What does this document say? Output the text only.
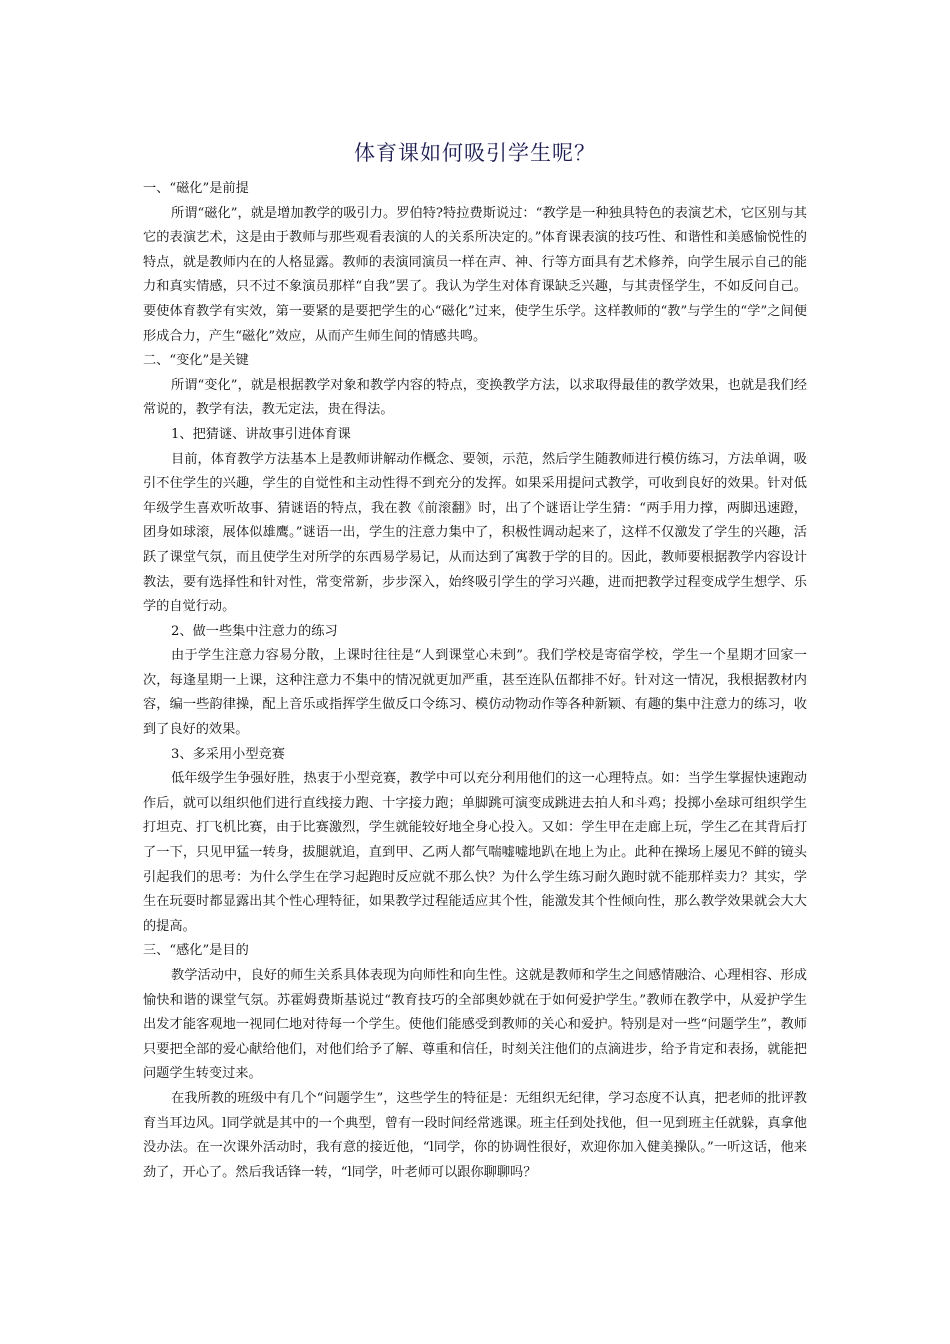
体育课如何吸引学生呢？

一、“磁化”是前提

所谓“磁化”，就是增加教学的吸引力。罗伯特?特拉费斯说过：“教学是一种独具特色的表演艺术，它区别与其它的表演艺术，这是由于教师与那些观看表演的人的关系所决定的。”体育课表演的技巧性、和谐性和美感愉悦性的特点，就是教师内在的人格显露。教师的表演同演员一样在声、神、行等方面具有艺术修养，向学生展示自己的能力和真实情感，只不过不象演员那样“自我”罢了。我认为学生对体育课缺乏兴趣，与其责怪学生，不如反问自己。要使体育教学有实效，第一要紧的是要把学生的心“磁化”过来，使学生乐学。这样教师的“教”与学生的“学”之间便形成合力，产生“磁化”效应，从而产生师生间的情感共鸣。

二、“变化”是关键

所谓“变化”，就是根据教学对象和教学内容的特点，变换教学方法，以求取得最佳的教学效果，也就是我们经常说的，教学有法，教无定法，贵在得法。

1、把猜谜、讲故事引进体育课

目前，体育教学方法基本上是教师讲解动作概念、要领，示范，然后学生随教师进行模仿练习，方法单调，吸引不住学生的兴趣，学生的自觉性和主动性得不到充分的发挥。如果采用提问式教学，可收到良好的效果。针对低年级学生喜欢听故事、猜谜语的特点，我在教《前滚翻》时，出了个谜语让学生猜：“两手用力撑，两脚迅速蹬，团身如球滚，展体似雄鹰。”谜语一出，学生的注意力集中了，积极性调动起来了，这样不仅激发了学生的兴趣，活跃了课堂气氛，而且使学生对所学的东西易学易记，从而达到了寓教于学的目的。因此，教师要根据教学内容设计教法，要有选择性和针对性，常变常新，步步深入，始终吸引学生的学习兴趣，进而把教学过程变成学生想学、乐学的自觉行动。

2、做一些集中注意力的练习

由于学生注意力容易分散，上课时往往是“人到课堂心未到”。我们学校是寄宿学校，学生一个星期才回家一次，每逢星期一上课，这种注意力不集中的情况就更加严重，甚至连队伍都排不好。针对这一情况，我根据教材内容，编一些韵律操，配上音乐或指挥学生做反口令练习、模仿动物动作等各种新颖、有趣的集中注意力的练习，收到了良好的效果。

3、多采用小型竞赛

低年级学生争强好胜，热衷于小型竞赛，教学中可以充分利用他们的这一心理特点。如：当学生掌握快速跑动作后，就可以组织他们进行直线接力跑、十字接力跑；单脚跳可演变成跳进去拍人和斗鸡；投掷小垒球可组织学生打坦克、打飞机比赛，由于比赛激烈，学生就能较好地全身心投入。又如：学生甲在走廊上玩，学生乙在其背后打了一下，只见甲猛一转身，拔腿就追，直到甲、乙两人都气喘嘘嘘地趴在地上为止。此种在操场上屡见不鲜的镜头引起我们的思考：为什么学生在学习起跑时反应就不那么快？为什么学生练习耐久跑时就不能那样卖力？其实，学生在玩耍时都显露出其个性心理特征，如果教学过程能适应其个性，能激发其个性倾向性，那么教学效果就会大大的提高。

三、“感化”是目的

教学活动中，良好的师生关系具体表现为向师性和向生性。这就是教师和学生之间感情融洽、心理相容、形成愉快和谐的课堂气氛。苏霍姆费斯基说过“教育技巧的全部奥妙就在于如何爱护学生。”教师在教学中，从爱护学生出发才能客观地一视同仁地对待每一个学生。使他们能感受到教师的关心和爱护。特别是对一些“问题学生”，教师只要把全部的爱心献给他们，对他们给予了解、尊重和信任，时刻关注他们的点滴进步，给予肯定和表扬，就能把问题学生转变过来。

在我所教的班级中有几个“问题学生”，这些学生的特征是：无组织无纪律，学习态度不认真，把老师的批评教育当耳边风。l同学就是其中的一个典型，曾有一段时间经常逃课。班主任到处找他，但一见到班主任就躲，真拿他没办法。在一次课外活动时，我有意的接近他，“l同学，你的协调性很好，欢迎你加入健美操队。”一听这话，他来劲了，开心了。然后我话锋一转，“l同学，叶老师可以跟你聊聊吗？
